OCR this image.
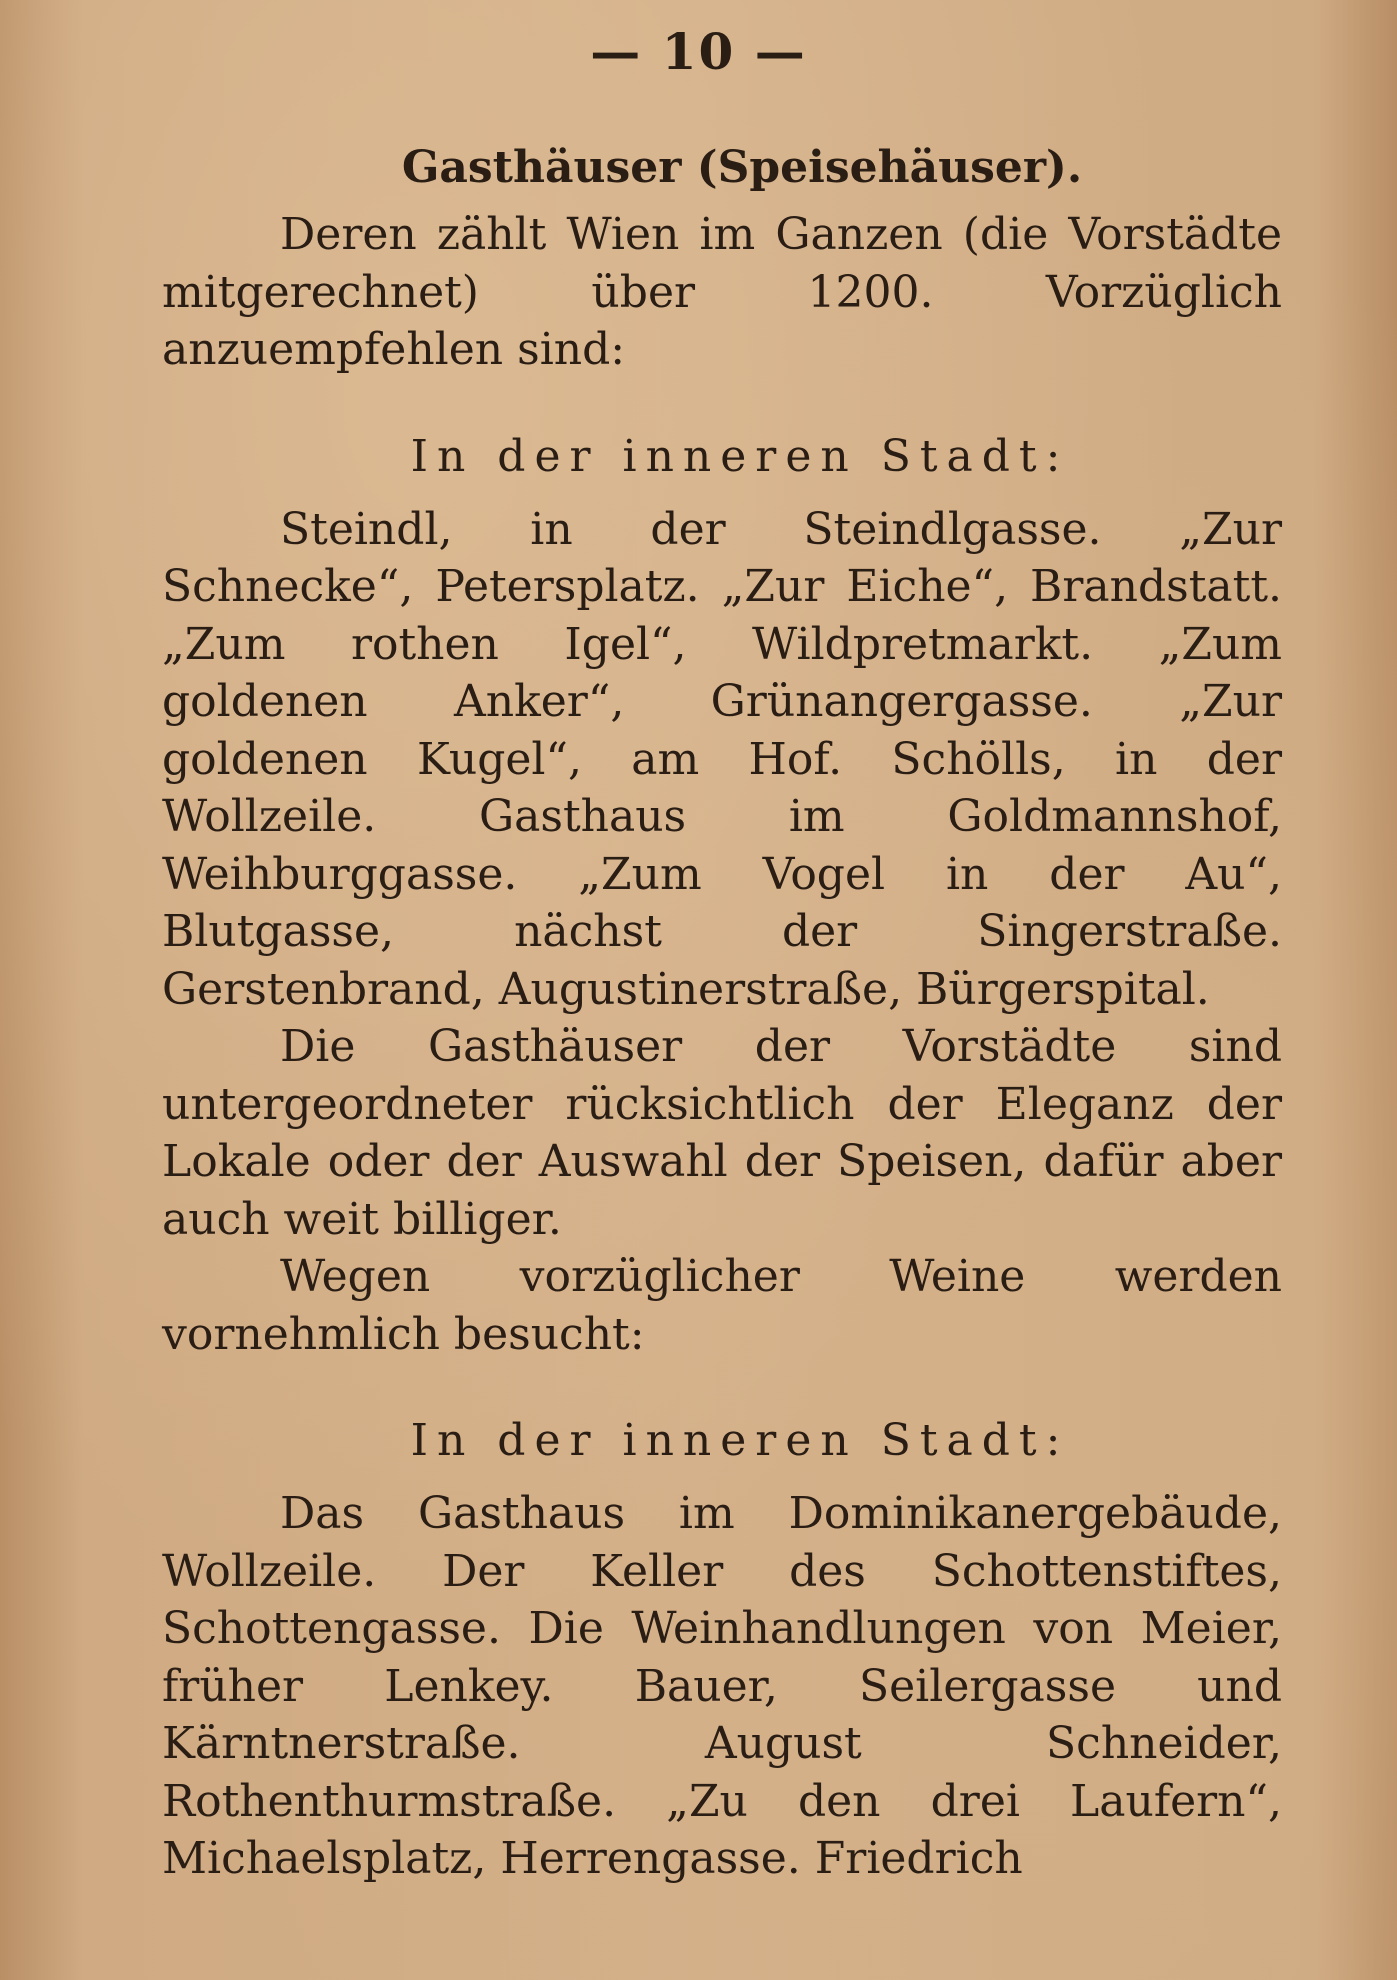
— 10 —
Gasthäuser (Speisehäuser).

Deren zählt Wien im Ganzen (die Vorstädte mitgerechnet) über 1200. Vorzüglich anzuempfehlen sind:

In der inneren Stadt:

Steindl, in der Steindlgasse. „Zur Schnecke“, Petersplatz. „Zur Eiche“, Brandstatt. „Zum rothen Igel“, Wildpretmarkt. „Zum goldenen Anker“, Grünangergasse. „Zur goldenen Kugel“, am Hof. Schölls, in der Wollzeile. Gasthaus im Goldmannshof, Weihburggasse. „Zum Vogel in der Au“, Blutgasse, nächst der Singerstraße. Gerstenbrand, Augustinerstraße, Bürgerspital.

Die Gasthäuser der Vorstädte sind untergeordneter rücksichtlich der Eleganz der Lokale oder der Auswahl der Speisen, dafür aber auch weit billiger.

Wegen vorzüglicher Weine werden vornehmlich besucht:

In der inneren Stadt:

Das Gasthaus im Dominikanergebäude, Wollzeile. Der Keller des Schottenstiftes, Schottengasse. Die Weinhandlungen von Meier, früher Lenkey. Bauer, Seilergasse und Kärntnerstraße. August Schneider, Rothenthurmstraße. „Zu den drei Laufern“, Michaelsplatz, Herrengasse. Friedrich
